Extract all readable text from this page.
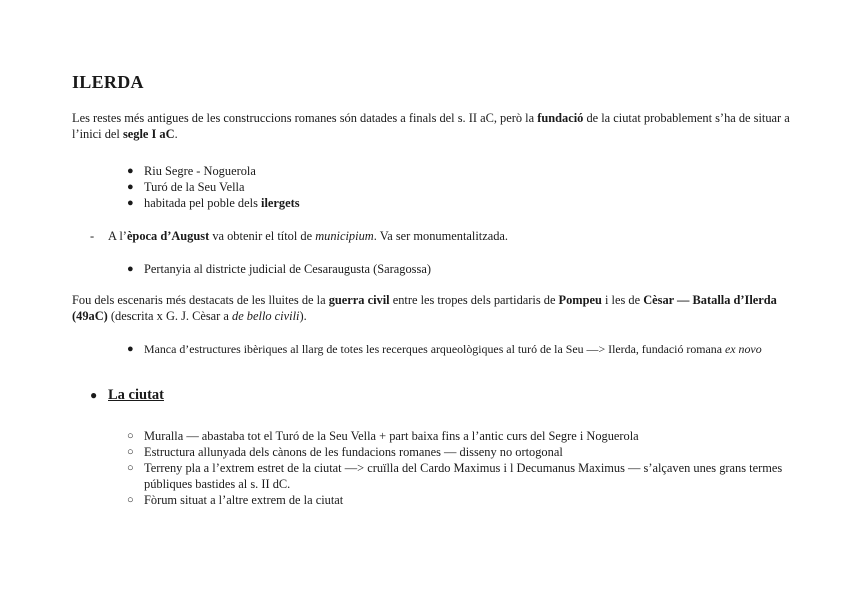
ILERDA
Les restes més antigues de les construccions romanes són datades a finals del s. II aC, però la fundació de la ciutat probablement s’ha de situar a
l’inici del segle I aC.
● Riu Segre - Noguerola
● Turó de la Seu Vella
● habitada pel poble dels ilergets
- A l’època d’August va obtenir el títol de municipium. Va ser monumentalitzada.
● Pertanyia al districte judicial de Cesaraugusta (Saragossa)
Fou dels escenaris més destacats de les lluites de la guerra civil entre les tropes dels partidaris de Pompeu i les de Cèsar — Batalla d’Ilerda
(49aC) (descrita x G. J. Cèsar a de bello civili).
● Manca d’estructures ibèriques al llarg de totes les recerques arqueològiques al turó de la Seu —> Ilerda, fundació romana ex novo
● La ciutat
○ Muralla — abastaba tot el Turó de la Seu Vella + part baixa fins a l’antic curs del Segre i Noguerola
○ Estructura allunyada dels cànons de les fundacions romanes — disseny no ortogonal
○ Terreny pla a l’extrem estret de la ciutat —> cruïlla del Cardo Maximus i l Decumanus Maximus — s’alçaven unes grans termes
públiques bastides al s. II dC.
○ Fòrum situat a l’altre extrem de la ciutat
